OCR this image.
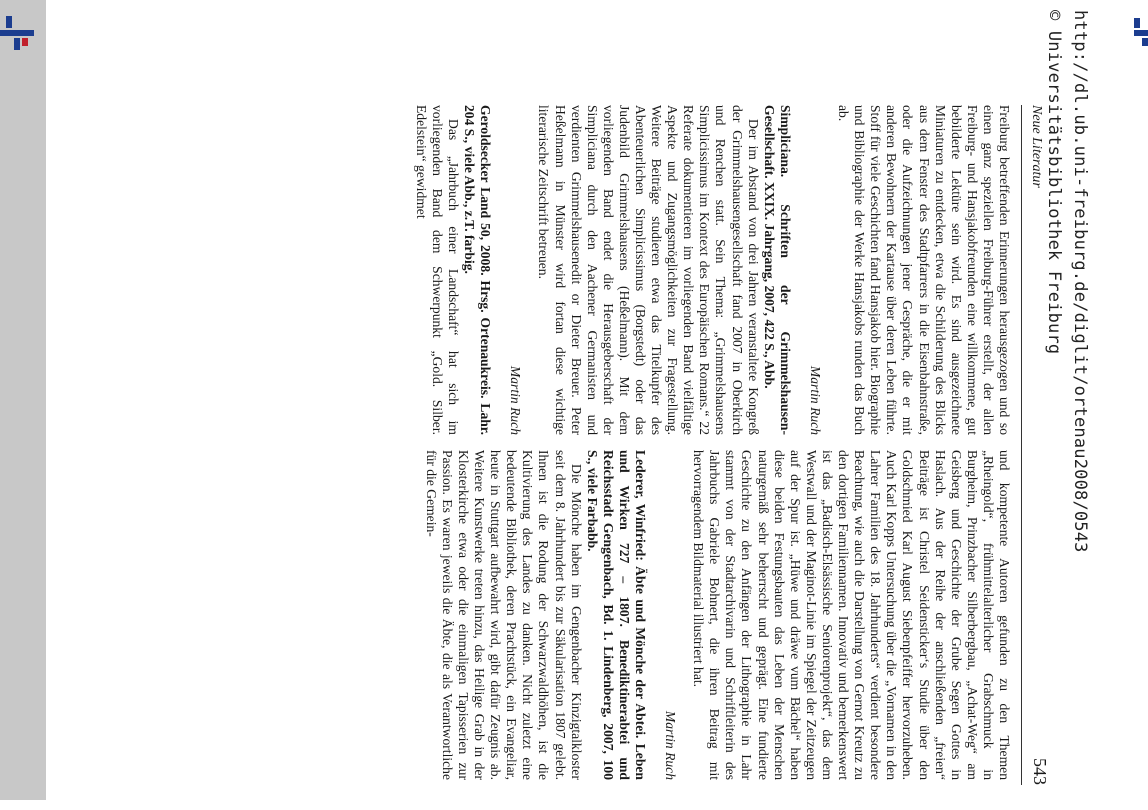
Neue Literatur
543

Freiburg betreffenden Erinnerungen herausgezogen und so einen ganz speziellen Freiburg-Führer erstellt, der allen Freiburg- und Hansjakobfreunden eine willkommene, gut bebilderte Lektüre sein wird. Es sind ausgezeichnete Miniaturen zu entdecken, etwa die Schilderung des Blicks aus dem Fenster des Stadtpfarrers in die Eisenbahnstraße, oder die Aufzeichnungen jener Gespräche, die er mit anderen Bewohnern der Kartause über deren Leben führte. Stoff für viele Geschichten fand Hansjakob hier. Biographie und Bibliographie der Werke Hansjakobs runden das Buch ab.

Martin Ruch

Simpliciana. Schriften der Grimmelshausen-Gesellschaft. XXIX. Jahrgang, 2007, 422 S., Abb.

Der im Abstand von drei Jahren veranstaltete Kongreß der Grimmelshausengesellschaft fand 2007 in Oberkirch und Renchen statt. Sein Thema: „Grimmelshausens Simplicissimus im Kontext des Europäischen Romans.“ 22 Referate dokumentieren im vorliegenden Band vielfältige Aspekte und Zugangsmöglichkeiten zur Fragestellung. Weitere Beiträge studieren etwa das Titelkupfer des Abenteuerlichen Simplicissimus (Borgstedt) oder das Judenbild Grimmelshausens (Heßelmann). Mit dem vorliegenden Band endet die Herausgeberschaft der Simpliciana durch den Aachener Germanisten und verdienten Grimmelshausenedit or Dieter Breuer. Peter Heßelmann in Münster wird fortan diese wichtige literarische Zeitschrift betreuen.

Martin Ruch

Geroldsecker Land 50, 2008. Hrsg. Ortenaukreis. Lahr. 204 S., viele Abb., z.T. farbig.

Das „Jahrbuch einer Landschaft“ hat sich im vorliegenden Band dem Schwerpunkt „Gold. Silber. Edelstein“ gewidmet

und kompetente Autoren gefunden zu den Themen „Rheingold“, frühmittelalterlicher Grabschmuck in Burgheim, Prinzbacher Silberbergbau, „Achat-Weg“ am Geisberg und Geschichte der Grube Segen Gottes in Haslach. Aus der Reihe der anschließenden „freien“ Beiträge ist Christel Seidensticker‘s Studie über den Goldschmied Karl August Siebenpfeiffer hervorzuheben. Auch Karl Kopps Untersuchung über die „Vornamen in den Lahrer Familien des 18. Jahrhunderts“ verdient besondere Beachtung, wie auch die Darstellung von Gernot Kreutz zu den dortigen Familiennamen. Innovativ und bemerkenswert ist das „Badisch-Elsässische Seniorenprojekt“, das dem Westwall und der Maginot-Linie im Spiegel der Zeitzeugen auf der Spur ist. „Hüwe und dräwe vum Bächel“ haben diese beiden Festungsbauten das Leben der Menschen naturgemäß sehr beherrscht und geprägt. Eine fundierte Geschichte zu den Anfängen der Lithographie in Lahr stammt von der Stadtarchivarin und Schriftleiterin des Jahrbuchs Gabriele Bohnert, die ihren Beitrag mit hervorragendem Bildmaterial illustriert hat.

Martin Ruch

Lederer, Winfried: Äbte und Mönche der Abtei. Leben und Wirken 727 – 1807. Benediktinerabtei und Reichsstadt Gengenbach, Bd. 1. Lindenberg, 2007, 100 S., viele Farbabb.

Die Mönche haben im Gengenbacher Kinzigtalkloster seit dem 8. Jahrhundert bis zur Säkularisation 1807 gelebt. Ihnen ist die Rodung der Schwarzwaldhöhen, ist die Kultivierung des Landes zu danken. Nicht zuletzt eine bedeutende Bibliothek, deren Prachtstück, ein Evangeliar, heute in Stuttgart aufbewahrt wird, gibt dafür Zeugnis ab. Weitere Kunstwerke treten hinzu, das Heilige Grab in der Klosterkirche etwa oder die einmaligen Tapisserien zur Passion. Es waren jeweils die Äbte, die als Verantwortliche für die Gemein-	http://dl.ub.uni-freiburg.de/diglit/ortenau2008/0543
© Universitätsbibliothek Freiburg
